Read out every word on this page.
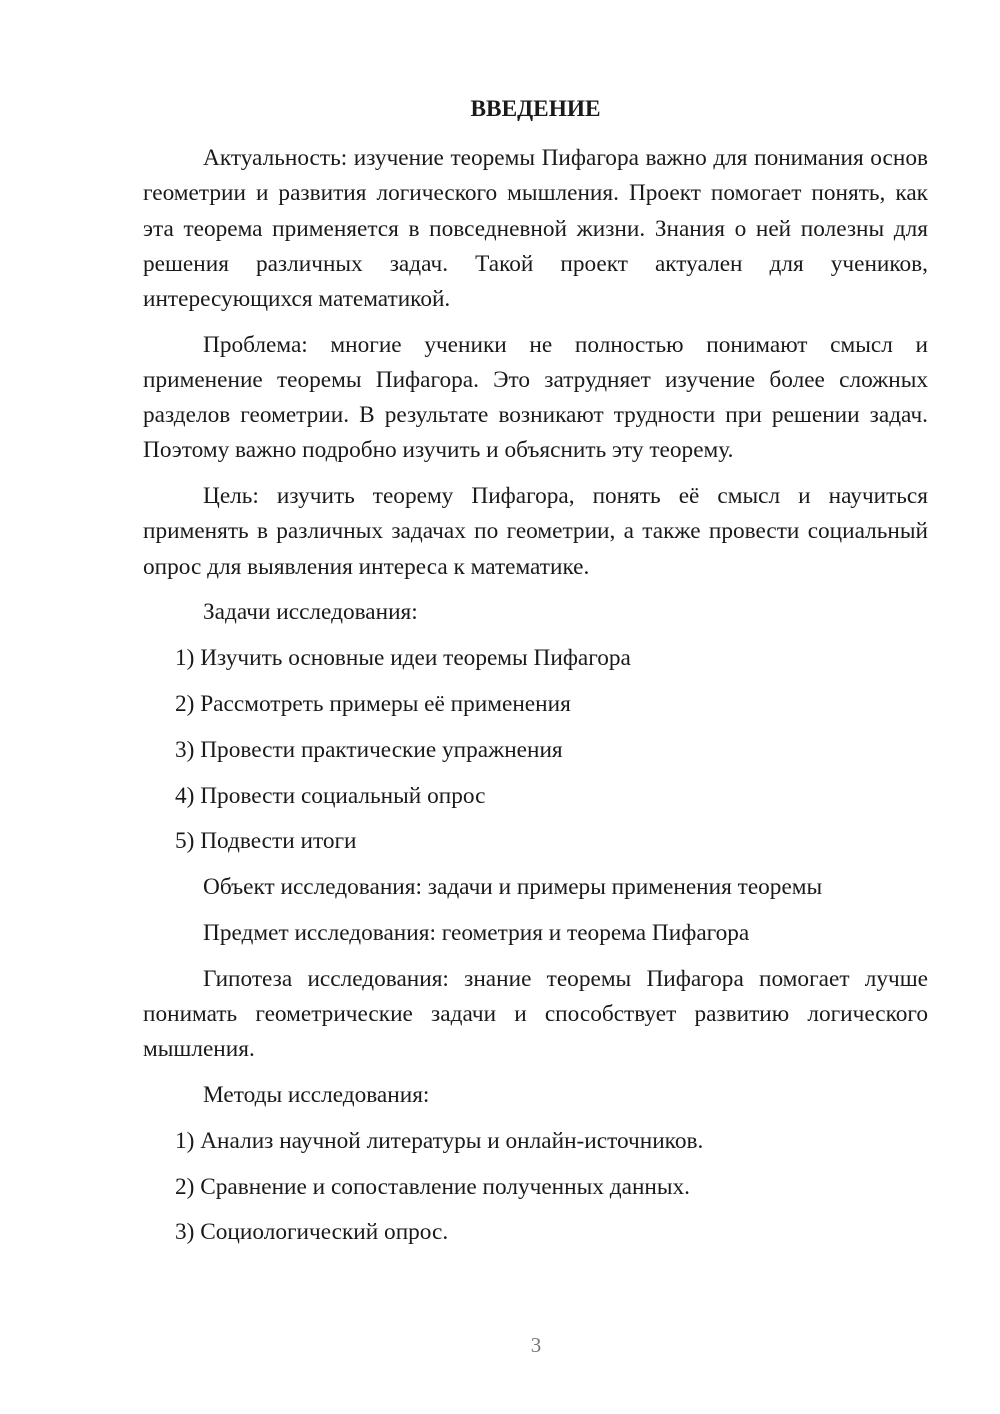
ВВЕДЕНИЕ

Актуальность: изучение теоремы Пифагора важно для понимания основ геометрии и развития логического мышления. Проект помогает понять, как эта теорема применяется в повседневной жизни. Знания о ней полезны для решения различных задач. Такой проект актуален для учеников, интересующихся математикой.

Проблема: многие ученики не полностью понимают смысл и применение теоремы Пифагора. Это затрудняет изучение более сложных разделов геометрии. В результате возникают трудности при решении задач. Поэтому важно подробно изучить и объяснить эту теорему.

Цель: изучить теорему Пифагора, понять её смысл и научиться применять в различных задачах по геометрии, а также провести социальный опрос для выявления интереса к математике.

Задачи исследования:

1) Изучить основные идеи теоремы Пифагора

2) Рассмотреть примеры её применения

3) Провести практические упражнения

4) Провести социальный опрос

5) Подвести итоги

Объект исследования: задачи и примеры применения теоремы

Предмет исследования: геометрия и теорема Пифагора

Гипотеза исследования: знание теоремы Пифагора помогает лучше понимать геометрические задачи и способствует развитию логического мышления.

Методы исследования:

1) Анализ научной литературы и онлайн-источников.

2) Сравнение и сопоставление полученных данных.

3) Социологический опрос.

3
